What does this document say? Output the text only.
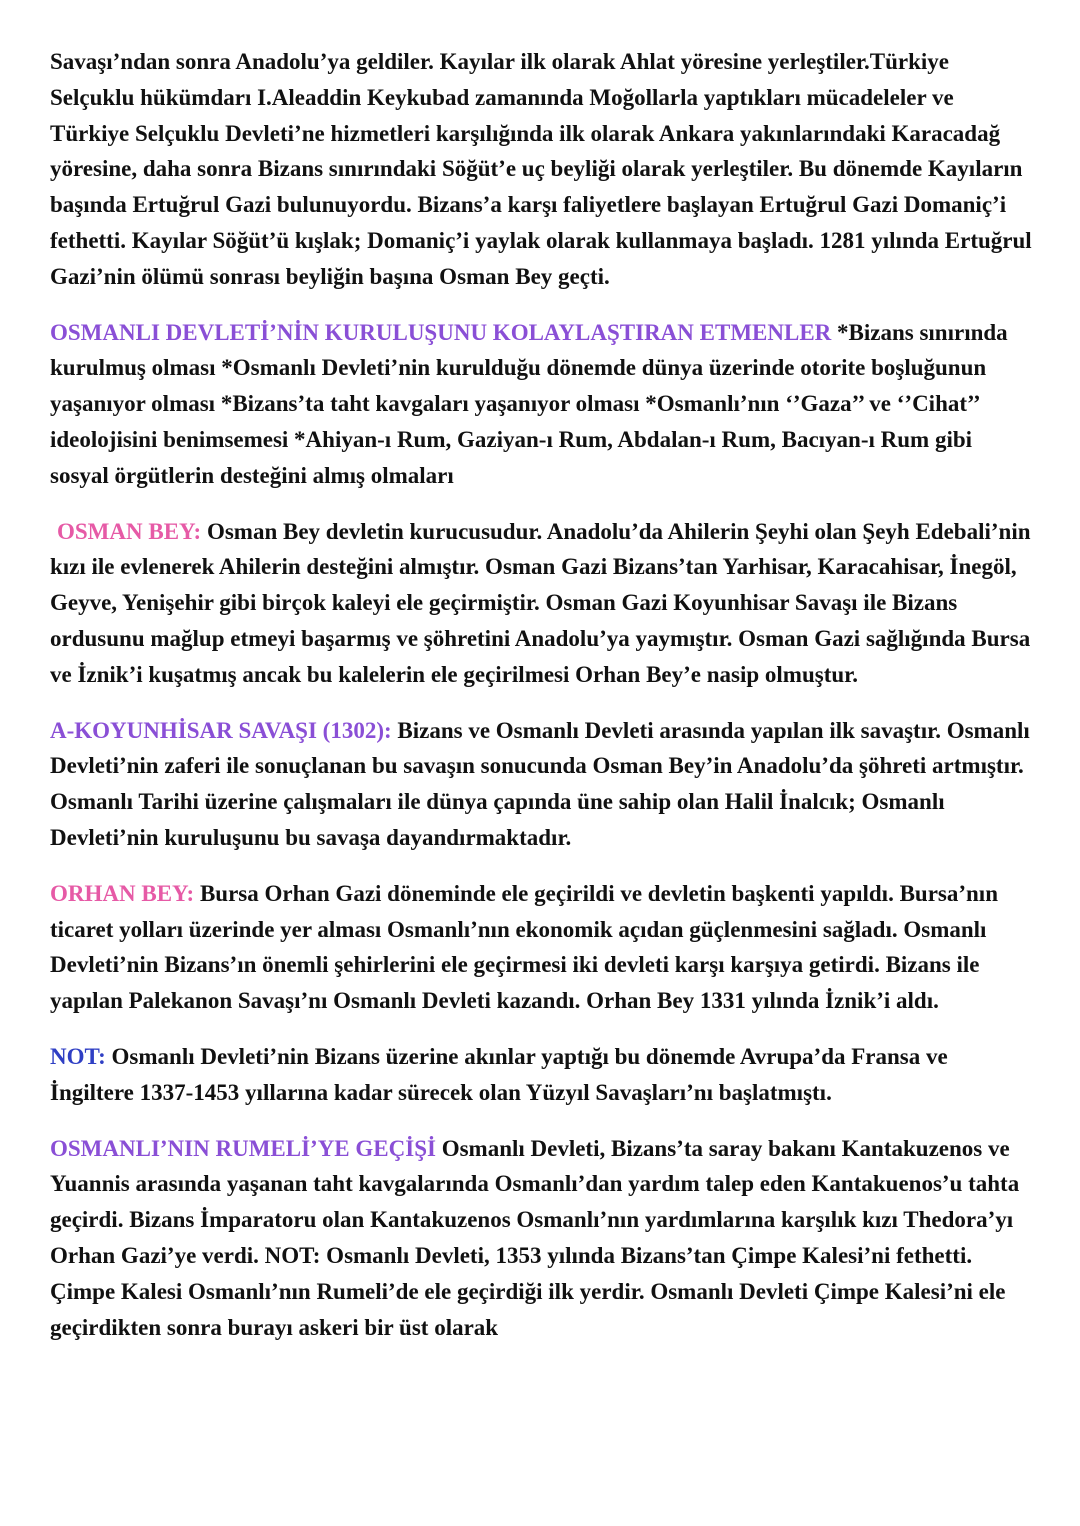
Savaşı’ndan sonra Anadolu’ya geldiler. Kayılar ilk olarak Ahlat yöresine yerleştiler.Türkiye Selçuklu hükümdarı I.Aleaddin Keykubad zamanında Moğollarla yaptıkları mücadeleler ve Türkiye Selçuklu Devleti’ne hizmetleri karşılığında ilk olarak Ankara yakınlarındaki Karacadağ yöresine, daha sonra Bizans sınırındaki Söğüt’e uç beyliği olarak yerleştiler. Bu dönemde Kayıların başında Ertuğrul Gazi bulunuyordu. Bizans’a karşı faliyetlere başlayan Ertuğrul Gazi Domaniç’i fethetti. Kayılar Söğüt’ü kışlak; Domaniç’i yaylak olarak kullanmaya başladı. 1281 yılında Ertuğrul Gazi’nin ölümü sonrası beyliğin başına Osman Bey geçti.

OSMANLI DEVLETİ’NİN KURULUŞUNU KOLAYLAŞTIRAN ETMENLER *Bizans sınırında kurulmuş olması *Osmanlı Devleti’nin kurulduğu dönemde dünya üzerinde otorite boşluğunun yaşanıyor olması *Bizans’ta taht kavgaları yaşanıyor olması *Osmanlı’nın ‘’Gaza’’ ve ‘’Cihat’’ ideolojisini benimsemesi *Ahiyan-ı Rum, Gaziyan-ı Rum, Abdalan-ı Rum, Bacıyan-ı Rum gibi sosyal örgütlerin desteğini almış olmaları

OSMAN BEY: Osman Bey devletin kurucusudur. Anadolu’da Ahilerin Şeyhi olan Şeyh Edebali’nin kızı ile evlenerek Ahilerin desteğini almıştır. Osman Gazi Bizans’tan Yarhisar, Karacahisar, İnegöl, Geyve, Yenişehir gibi birçok kaleyi ele geçirmiştir. Osman Gazi Koyunhisar Savaşı ile Bizans ordusunu mağlup etmeyi başarmış ve şöhretini Anadolu’ya yaymıştır. Osman Gazi sağlığında Bursa ve İznik’i kuşatmış ancak bu kalelerin ele geçirilmesi Orhan Bey’e nasip olmuştur.

A-KOYUNHİSAR SAVAŞI (1302): Bizans ve Osmanlı Devleti arasında yapılan ilk savaştır. Osmanlı Devleti’nin zaferi ile sonuçlanan bu savaşın sonucunda Osman Bey’in Anadolu’da şöhreti artmıştır. Osmanlı Tarihi üzerine çalışmaları ile dünya çapında üne sahip olan Halil İnalcık; Osmanlı Devleti’nin kuruluşunu bu savaşa dayandırmaktadır.

ORHAN BEY: Bursa Orhan Gazi döneminde ele geçirildi ve devletin başkenti yapıldı. Bursa’nın ticaret yolları üzerinde yer alması Osmanlı’nın ekonomik açıdan güçlenmesini sağladı. Osmanlı Devleti’nin Bizans’ın önemli şehirlerini ele geçirmesi iki devleti karşı karşıya getirdi. Bizans ile yapılan Palekanon Savaşı’nı Osmanlı Devleti kazandı. Orhan Bey 1331 yılında İznik’i aldı.

NOT: Osmanlı Devleti’nin Bizans üzerine akınlar yaptığı bu dönemde Avrupa’da Fransa ve İngiltere 1337-1453 yıllarına kadar sürecek olan Yüzyıl Savaşları’nı başlatmıştı.

OSMANLI’NIN RUMELİ’YE GEÇİŞİ Osmanlı Devleti, Bizans’ta saray bakanı Kantakuzenos ve Yuannis arasında yaşanan taht kavgalarında Osmanlı’dan yardım talep eden Kantakuenos’u tahta geçirdi. Bizans İmparatoru olan Kantakuzenos Osmanlı’nın yardımlarına karşılık kızı Thedora’yı Orhan Gazi’ye verdi. NOT: Osmanlı Devleti, 1353 yılında Bizans’tan Çimpe Kalesi’ni fethetti. Çimpe Kalesi Osmanlı’nın Rumeli’de ele geçirdiği ilk yerdir. Osmanlı Devleti Çimpe Kalesi’ni ele geçirdikten sonra burayı askeri bir üst olarak
